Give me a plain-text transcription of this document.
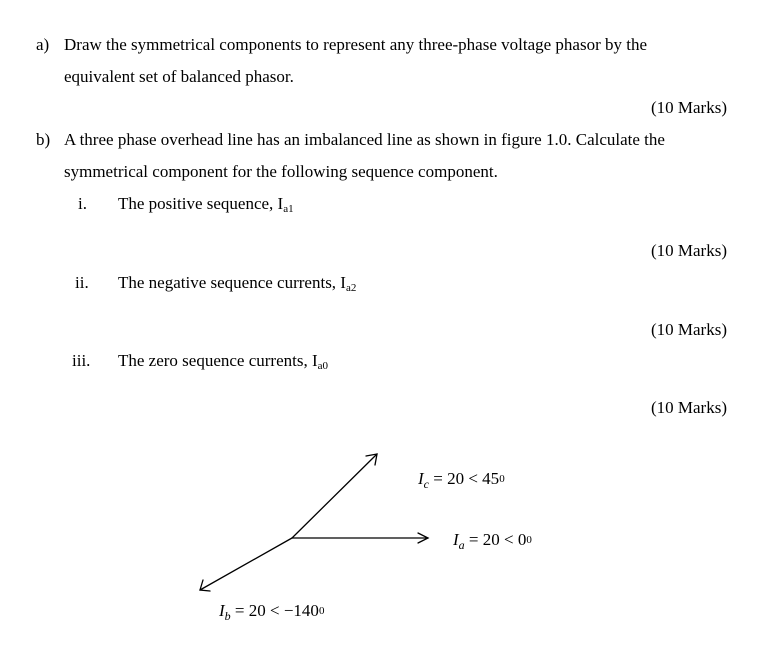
a) Draw the symmetrical components to represent any three-phase voltage phasor by the
equivalent set of balanced phasor.
(10 Marks)
b) A three phase overhead line has an imbalanced line as shown in figure 1.0. Calculate the
symmetrical component for the following sequence component.
i. The positive sequence, Ia1
(10 Marks)
ii. The negative sequence currents, Ia2
(10 Marks)
iii. The zero sequence currents, Ia0
(10 Marks)
$I_c = 20 < 45^0$
$I_a = 20 < 0^0$
$I_b = 20 < -140^0$
